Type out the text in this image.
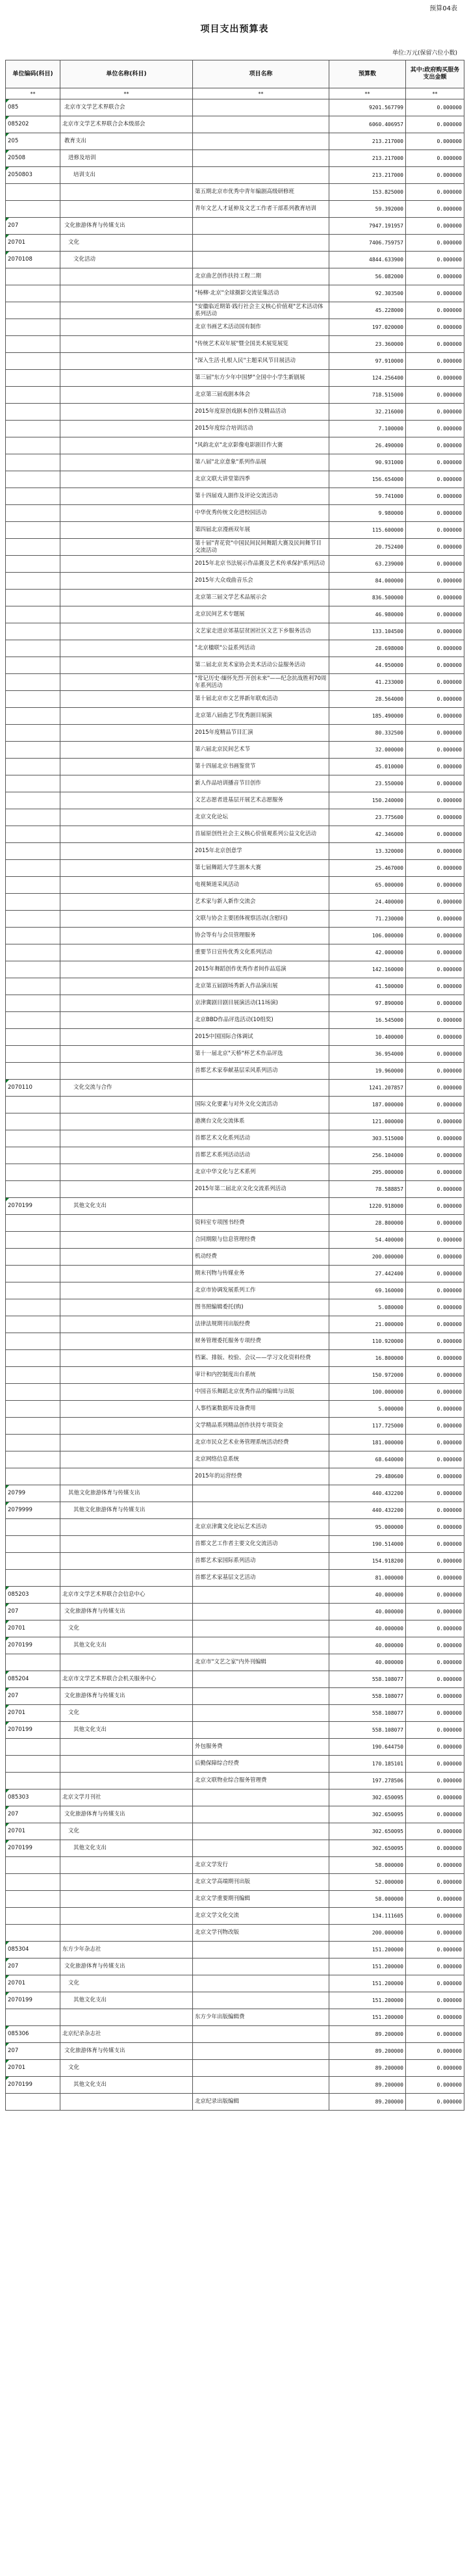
预算04表
项目支出预算表
单位:万元(保留六位小数)
单位编码(科目)	单位名称(科目)	项目名称	预算数	其中:政府购买服务支出金额
**	**	**	**	**
085	北京市文学艺术界联合会		9201.567799	0.000000
085202	北京市文学艺术界联合会本级部会		6060.406957	0.000000
205	教育支出		213.217000	0.000000
20508	进修及培训		213.217000	0.000000
2050803	培训支出		213.217000	0.000000
		第五期北京市优秀中青年编剧高级研修班	153.825000	0.000000
		青年文艺人才延伸及文艺工作者干部系列教育培训	59.392000	0.000000
207	文化旅游体育与传媒支出		7947.191957	0.000000
20701	文化		7406.759757	0.000000
2070108	文化活动		4844.633900	0.000000
		北京曲艺创作扶持工程二期	56.082000	0.000000
		"杨柳·北京"全球摄影交流征集活动	92.303500	0.000000
		"安徽临近期第·践行社会主义核心价值观"艺术活动体系列活动	45.228000	0.000000
		北京书画艺术活动国有制作	197.020000	0.000000
		"传统艺术双年展"暨全国美术展览展览	23.360000	0.000000
		"深入生活·扎根人民"主题采风节目展活动	97.910000	0.000000
		第三届"东方少年中国梦"全国中小学生新剧展	124.256400	0.000000
		北京第三届戏剧本体会	718.515000	0.000000
		2015年度原创戏剧本创作及精品活动	32.216000	0.000000
		2015年度综合培训活动	7.100000	0.000000
		"风韵北京"北京影像电影剧目作大赛	26.490000	0.000000
		第八届"北京意象"系列作品展	90.931000	0.000000
		北京文联大讲堂第四季	156.654000	0.000000
		第十四届戏人剧作及评论交流活动	59.741000	0.000000
		中华优秀传统文化进校园活动	9.980000	0.000000
		第四届北京漫画双年展	115.600000	0.000000
		第十届"青花瓷"中国民间民间舞蹈大赛及民间舞节目交流活动	20.752400	0.000000
		2015年北京书法展示作品赛及艺术传承保护系列活动	63.239000	0.000000
		2015年大众戏曲音乐会	84.000000	0.000000
		北京第三届文学艺术品展示会	836.500000	0.000000
		北京民间艺术专题展	46.980000	0.000000
		文艺家走进京郊基层贫困社区文艺下乡服务活动	133.104500	0.000000
		"北京楹联"公益系列活动	28.698000	0.000000
		第二届北京美术家协会美术活动公益服务活动	44.950000	0.000000
		"常记历史·缅怀先烈·开创未来"——纪念抗战胜利70周年系列活动	41.233000	0.000000
		第十届北京市文艺界新年联欢活动	28.564000	0.000000
		北京第八届曲艺节优秀剧目展演	185.490000	0.000000
		2015年度精品节目汇演	80.332500	0.000000
		第六届北京民间艺术节	32.000000	0.000000
		第十四届北京书画鉴赏节	45.010000	0.000000
		新人作品培训播音节目创作	23.550000	0.000000
		文艺志愿者进基层开展艺术志愿服务	150.240000	0.000000
		北京文化论坛	23.775600	0.000000
		首届原创性社会主义核心价值观系列公益文化活动	42.346000	0.000000
		2015年北京创意学	13.320000	0.000000
		第七届舞蹈大学生剧本大赛	25.467000	0.000000
		电视频道采风活动	65.000000	0.000000
		艺术家与新人新作交流会	24.400000	0.000000
		文联与协会主要团体视察活动(含慰问)	71.230000	0.000000
		协会等有与会员管理服务	106.000000	0.000000
		重要节日宣传优秀文化系列活动	42.000000	0.000000
		2015年舞蹈创作优秀作者间作品巡演	142.160000	0.000000
		北京第五届剧场秀新人作品演出展	41.500000	0.000000
		京津冀剧目剧目展演活动(11场演)	97.890000	0.000000
		北京BBD作品评选活动(10组奖)	16.545000	0.000000
		2015中国国际合体调试	10.400000	0.000000
		第十一届北京"天桥"杯艺术作品评选	36.954000	0.000000
		首都艺术家奉献基层采风系列活动	19.960000	0.000000
2070110	文化交流与合作		1241.207857	0.000000
		国际文化要素与对外文化交流活动	187.000000	0.000000
		港澳台文化交流体系	121.000000	0.000000
		首都艺术文化系列活动	303.515000	0.000000
		首都艺术系列活动活动	256.104000	0.000000
		北京中华文化与艺术系列	295.000000	0.000000
		2015年第二届北京文化交流系列活动	78.588857	0.000000
2070199	其他文化支出		1220.918000	0.000000
		资料室专项图书经费	28.800000	0.000000
		合同期限与信息管理经费	54.400000	0.000000
		机动经费	200.000000	0.000000
		期末刊物与传媒业务	27.442400	0.000000
		北京市协调发展系列工作	69.160000	0.000000
		图书照编辑委托(购)	5.080000	0.000000
		法律法规期刊出版经费	21.000000	0.000000
		财务管理委托服务专项经费	110.920000	0.000000
		档案、排版、校验、会议——学习文化资料经费	16.800000	0.000000
		审计和内控制度出台系统	150.972000	0.000000
		中国音乐舞蹈北京优秀作品的编辑与出版	100.000000	0.000000
		人事档案数据库设备费用	5.000000	0.000000
		文学精品系列精品创作扶持专项资金	117.725000	0.000000
		北京市民众艺术业务管理系统活动经费	181.000000	0.000000
		北京网络信息系统	68.640000	0.000000
		2015年的运营经费	29.480600	0.000000
20799	其他文化旅游体育与传媒支出		440.432200	0.000000
2079999	其他文化旅游体育与传媒支出		440.432200	0.000000
		北京京津冀文化论坛艺术活动	95.000000	0.000000
		首都文艺工作者主要文化交流活动	190.514000	0.000000
		首都艺术家国际系列活动	154.918200	0.000000
		首都艺术家基层文艺活动	81.000000	0.000000
085203	北京市文学艺术界联合会信息中心		40.000000	0.000000
207	文化旅游体育与传媒支出		40.000000	0.000000
20701	文化		40.000000	0.000000
2070199	其他文化支出		40.000000	0.000000
		北京市"文艺之家"内外刊编辑	40.000000	0.000000
085204	北京市文学艺术界联合会机关服务中心		558.108077	0.000000
207	文化旅游体育与传媒支出		558.108077	0.000000
20701	文化		558.108077	0.000000
2070199	其他文化支出		558.108077	0.000000
		外包服务费	190.644750	0.000000
		后勤保障综合经费	170.185101	0.000000
		北京文联物业综合服务管理费	197.278506	0.000000
085303	北京文学月刊社		302.650095	0.000000
207	文化旅游体育与传媒支出		302.650095	0.000000
20701	文化		302.650095	0.000000
2070199	其他文化支出		302.650095	0.000000
		北京文学发行	58.000000	0.000000
		北京文学高端期刊出版	52.000000	0.000000
		北京文学重要期刊编辑	58.000000	0.000000
		北京文学文化交流	134.111605	0.000000
		北京文学刊物改版	200.000000	0.000000
085304	东方少年杂志社		151.200000	0.000000
207	文化旅游体育与传媒支出		151.200000	0.000000
20701	文化		151.200000	0.000000
2070199	其他文化支出		151.200000	0.000000
		东方少年出版编辑费	151.200000	0.000000
085306	北京纪录杂志社		89.200000	0.000000
207	文化旅游体育与传媒支出		89.200000	0.000000
20701	文化		89.200000	0.000000
2070199	其他文化支出		89.200000	0.000000
		北京纪录出版编辑	89.200000	0.000000
